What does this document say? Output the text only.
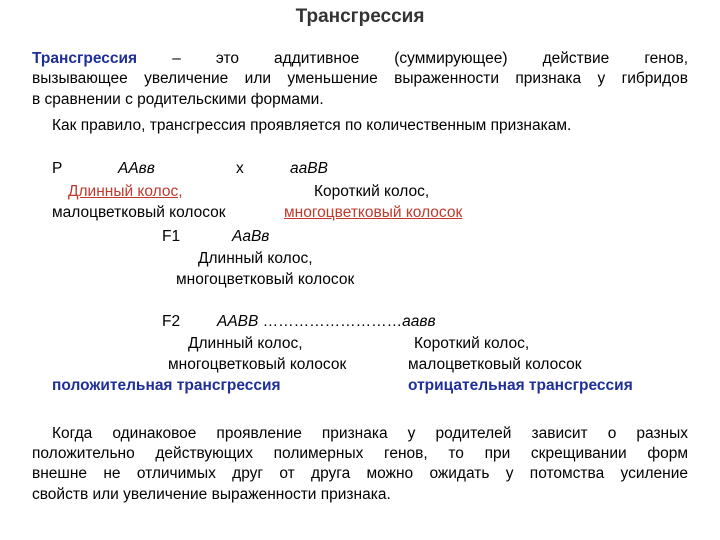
Трансгрессия
Трансгрессия – это аддитивное (суммирующее) действие генов,
вызывающее увеличение или уменьшение выраженности признака у гибридов
в сравнении с родительскими формами.
Как правило, трансгрессия проявляется по количественным признакам.
Р	ААвв	х	ааВВ
Длинный колос,	Короткий колос,
малоцветковый колосок	многоцветковый колосок
F1	АаВв
Длинный колос,
многоцветковый колосок
F2 ААВВ ………………………аавв
Длинный колос,	Короткий колос,
многоцветковый колосок	малоцветковый колосок
положительная трансгрессия	отрицательная трансгрессия
Когда одинаковое проявление признака у родителей зависит о разных
положительно действующих полимерных генов, то при скрещивании форм
внешне не отличимых друг от друга можно ожидать у потомства усиление
свойств или увеличение выраженности признака.
